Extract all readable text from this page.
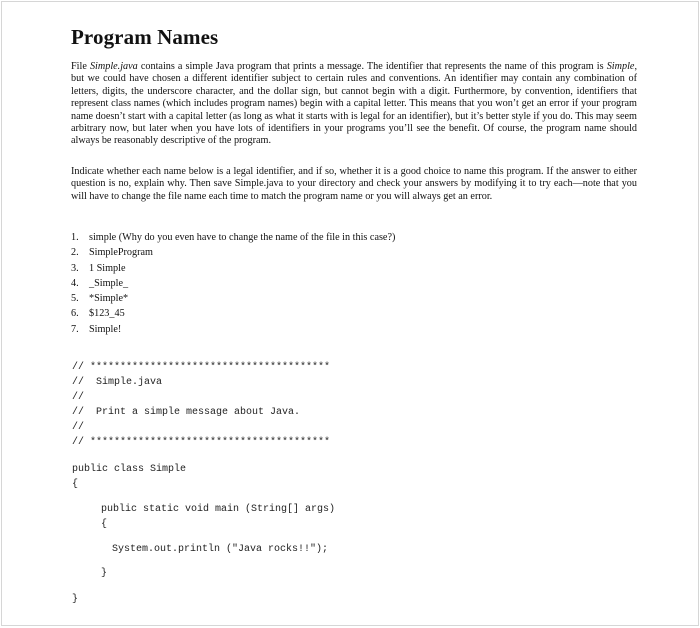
Program Names
File Simple.java contains a simple Java program that prints a message. The identifier that represents the name of this program is Simple, but we could have chosen a different identifier subject to certain rules and conventions. An identifier may contain any combination of letters, digits, the underscore character, and the dollar sign, but cannot begin with a digit. Furthermore, by convention, identifiers that represent class names (which includes program names) begin with a capital letter. This means that you won’t get an error if your program name doesn’t start with a capital letter (as long as what it starts with is legal for an identifier), but it’s better style if you do. This may seem arbitrary now, but later when you have lots of identifiers in your programs you’ll see the benefit. Of course, the program name should always be reasonably descriptive of the program.
Indicate whether each name below is a legal identifier, and if so, whether it is a good choice to name this program. If the answer to either question is no, explain why. Then save Simple.java to your directory and check your answers by modifying it to try each—note that you will have to change the file name each time to match the program name or you will always get an error.
1.	simple (Why do you even have to change the name of the file in this case?)
2.	SimpleProgram
3.	1 Simple
4.	_Simple_
5.	*Simple*
6.	$123_45
7.	Simple!
// ****************************************
//  Simple.java
//
//  Print a simple message about Java.
//
// ****************************************
public class Simple
{
public static void main (String[] args)
{
System.out.println ("Java rocks!!");
}
}
